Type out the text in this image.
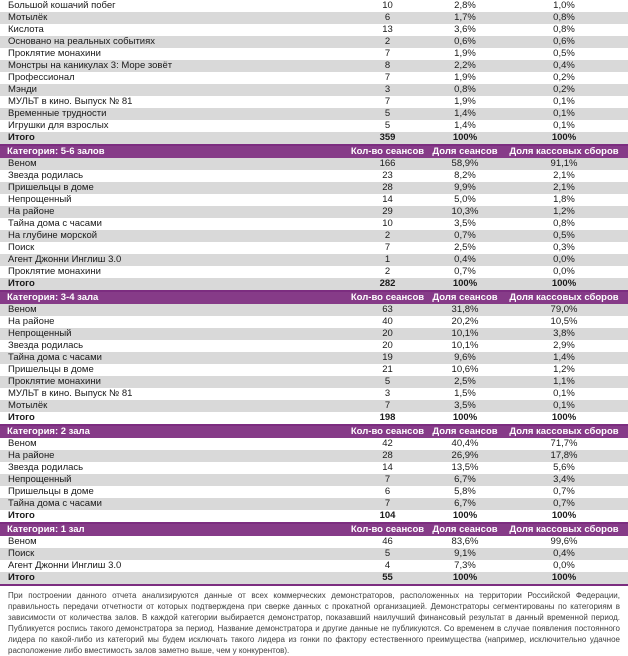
Большой кошачий побег	10	2,8%	1,0%
Мотылёк	6	1,7%	0,8%
Кислота	13	3,6%	0,8%
Основано на реальных событиях	2	0,6%	0,6%
Проклятие монахини	7	1,9%	0,5%
Монстры на каникулах 3: Море зовёт	8	2,2%	0,4%
Профессионал	7	1,9%	0,2%
Мэнди	3	0,8%	0,2%
МУЛЬТ в кино. Выпуск № 81	7	1,9%	0,1%
Временные трудности	5	1,4%	0,1%
Игрушки для взрослых	5	1,4%	0,1%
Итого	359	100%	100%
Категория: 5-6 залов	Кол-во сеансов	Доля сеансов	Доля кассовых сборов
Веном	166	58,9%	91,1%
Звезда родилась	23	8,2%	2,1%
Пришельцы в доме	28	9,9%	2,1%
Непрощенный	14	5,0%	1,8%
На районе	29	10,3%	1,2%
Тайна дома с часами	10	3,5%	0,8%
На глубине морской	2	0,7%	0,5%
Поиск	7	2,5%	0,3%
Агент Джонни Инглиш 3.0	1	0,4%	0,0%
Проклятие монахини	2	0,7%	0,0%
Итого	282	100%	100%
Категория: 3-4 зала	Кол-во сеансов	Доля сеансов	Доля кассовых сборов
Веном	63	31,8%	79,0%
На районе	40	20,2%	10,5%
Непрощенный	20	10,1%	3,8%
Звезда родилась	20	10,1%	2,9%
Тайна дома с часами	19	9,6%	1,4%
Пришельцы в доме	21	10,6%	1,2%
Проклятие монахини	5	2,5%	1,1%
МУЛЬТ в кино. Выпуск № 81	3	1,5%	0,1%
Мотылёк	7	3,5%	0,1%
Итого	198	100%	100%
Категория: 2 зала	Кол-во сеансов	Доля сеансов	Доля кассовых сборов
Веном	42	40,4%	71,7%
На районе	28	26,9%	17,8%
Звезда родилась	14	13,5%	5,6%
Непрощенный	7	6,7%	3,4%
Пришельцы в доме	6	5,8%	0,7%
Тайна дома с часами	7	6,7%	0,7%
Итого	104	100%	100%
Категория: 1 зал	Кол-во сеансов	Доля сеансов	Доля кассовых сборов
Веном	46	83,6%	99,6%
Поиск	5	9,1%	0,4%
Агент Джонни Инглиш 3.0	4	7,3%	0,0%
Итого	55	100%	100%
При построении данного отчета анализируются данные от всех коммерческих демонстраторов, расположенных на территории Российской Федерации, правильность передачи отчетности от которых подтверждена при сверке данных с прокатной организацией. Демонстраторы сегментированы по категориям в зависимости от количества залов. В каждой категории выбирается демонстратор, показавший наилучший финансовый результат в данный временной период. Публикуется роспись такого демонстратора за период. Название демонстратора и другие данные не публикуются. Со временем в случае появления постоянного лидера по какой-либо из категорий мы будем исключать такого лидера из гонки по фактору естественного преимущества (например, исключительно удачное расположение либо вместимость залов заметно выше, чем у конкурентов).
